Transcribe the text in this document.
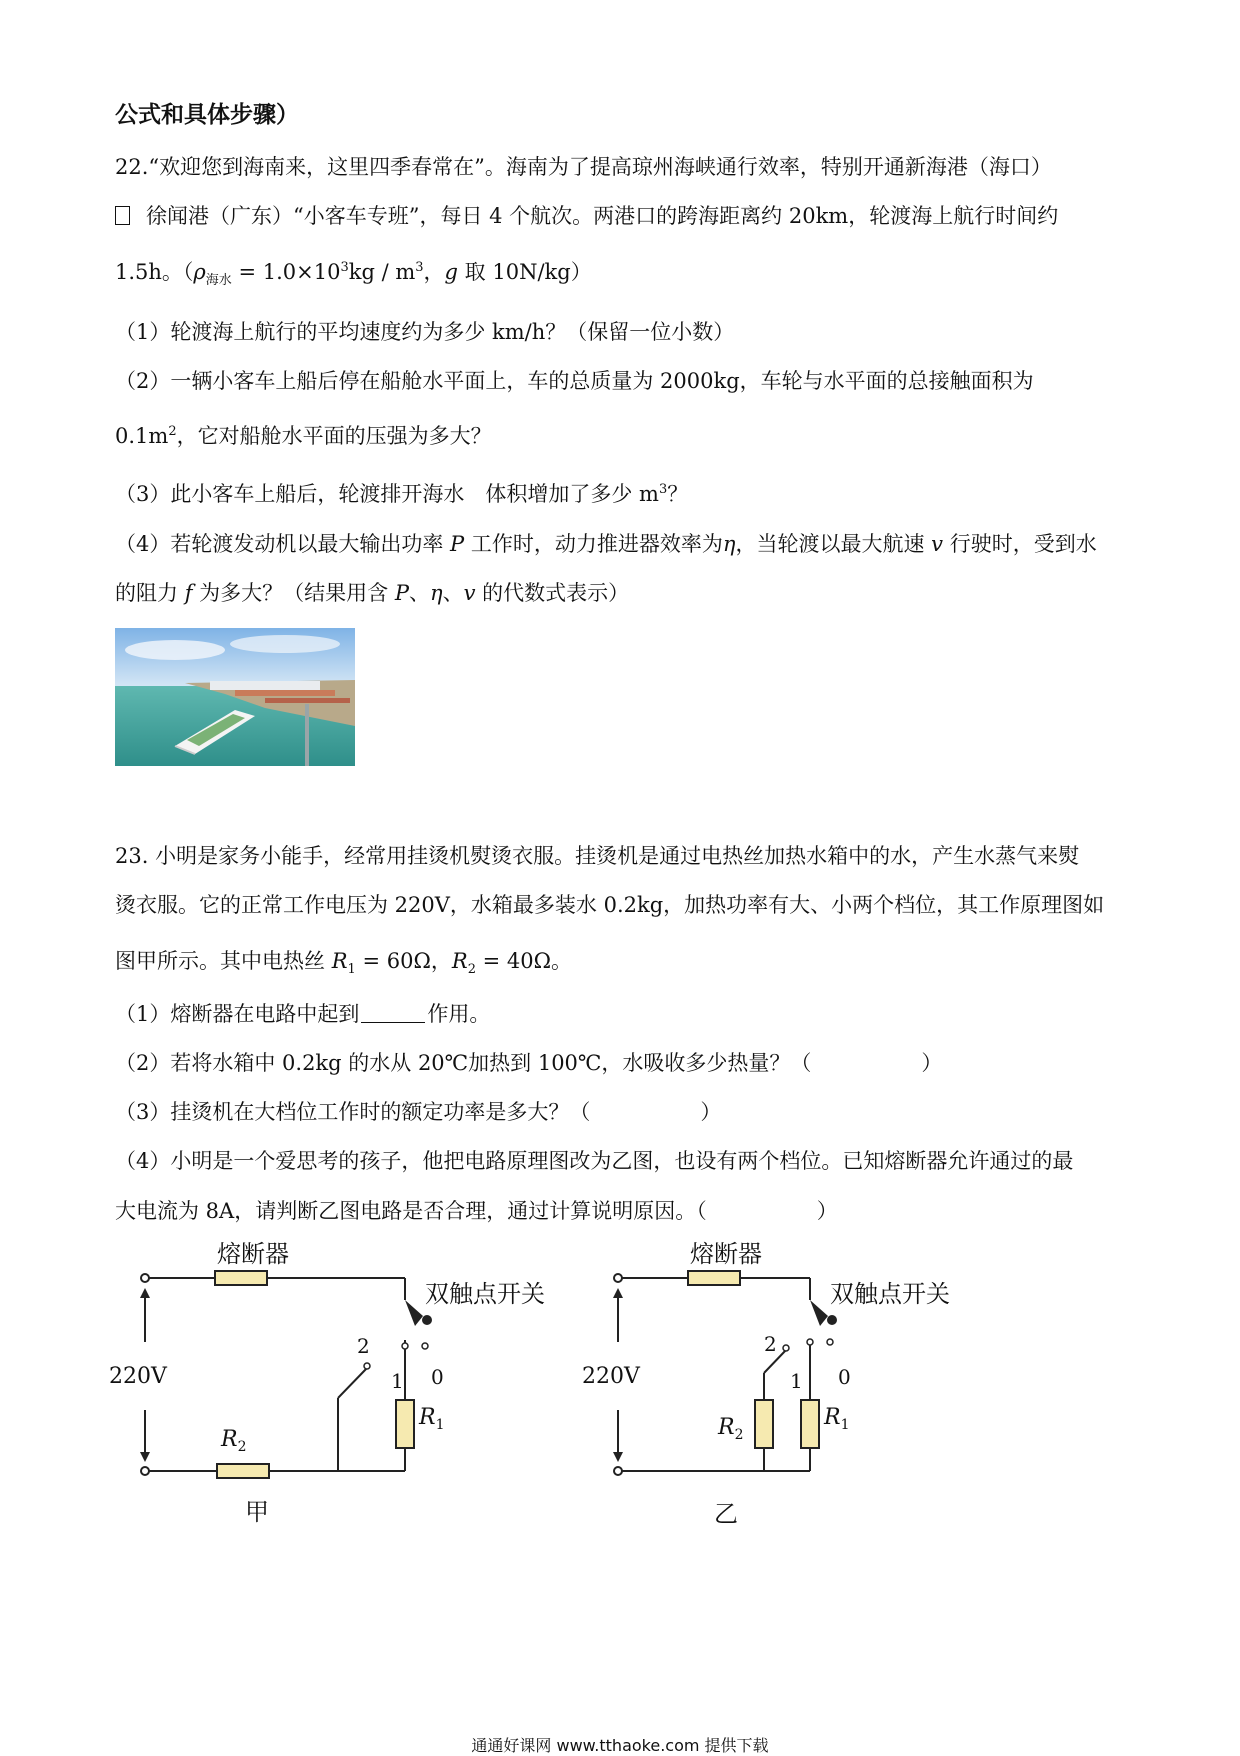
公式和具体步骤）
22.“欢迎您到海南来，这里四季春常在”。海南为了提高琼州海峡通行效率，特别开通新海港（海口）
徐闻港（广东）“小客车专班”，每日 4 个航次。两港口的跨海距离约 20km，轮渡海上航行时间约
1.5h。（$\rho_{海水} = 1.0\times 10^3kg / m^3$，g 取 10N/kg）
（1）轮渡海上航行的平均速度约为多少 km/h？（保留一位小数）
（2）一辆小客车上船后停在船舱水平面上，车的总质量为 2000kg，车轮与水平面的总接触面积为
$0.1m^2$，它对船舱水平面的压强为多大？
（3）此小客车上船后，轮渡排开海水　体积增加了多少 $m^3$？
（4）若轮渡发动机以最大输出功率 P 工作时，动力推进器效率为η，当轮渡以最大航速 v 行驶时，受到水
的阻力 f 为多大？（结果用含 P、η、v 的代数式表示）
23. 小明是家务小能手，经常用挂烫机熨烫衣服。挂烫机是通过电热丝加热水箱中的水，产生水蒸气来熨
烫衣服。它的正常工作电压为 220V，水箱最多装水 0.2kg，加热功率有大、小两个档位，其工作原理图如
图甲所示。其中电热丝 $R_1 = 60\Omega$，$R_2 = 40\Omega$。
（1）熔断器在电路中起到	作用。
（2）若将水箱中 0.2kg 的水从 20℃加热到 100℃，水吸收多少热量？（	）
（3）挂烫机在大档位工作时的额定功率是多大？（	）
（4）小明是一个爱思考的孩子，他把电路原理图改为乙图，也设有两个档位。已知熔断器允许通过的最
大电流为 8A，请判断乙图电路是否合理，通过计算说明原因。（	）
熔断器
双触点开关
220V
2
1 0
$R_2$
$R_1$
甲
熔断器
双触点开关
220V
2
1 0
$R_2$
$R_1$
乙
通通好课网 www.tthaoke.com 提供下载
